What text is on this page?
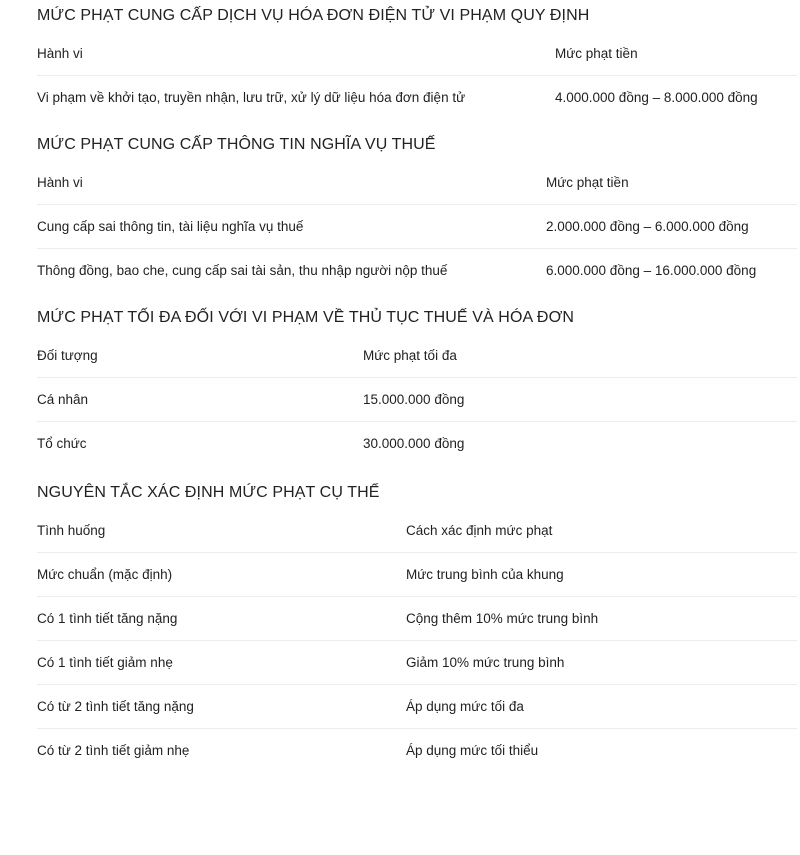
MỨC PHẠT CUNG CẤP DỊCH VỤ HÓA ĐƠN ĐIỆN TỬ VI PHẠM QUY ĐỊNH
Hành vi	Mức phạt tiền
Vi phạm về khởi tạo, truyền nhận, lưu trữ, xử lý dữ liệu hóa đơn điện tử	4.000.000 đồng – 8.000.000 đồng
MỨC PHẠT CUNG CẤP THÔNG TIN NGHĨA VỤ THUẾ
Hành vi	Mức phạt tiền
Cung cấp sai thông tin, tài liệu nghĩa vụ thuế	2.000.000 đồng – 6.000.000 đồng
Thông đồng, bao che, cung cấp sai tài sản, thu nhập người nộp thuế	6.000.000 đồng – 16.000.000 đồng
MỨC PHẠT TỐI ĐA ĐỐI VỚI VI PHẠM VỀ THỦ TỤC THUẾ VÀ HÓA ĐƠN
Đối tượng	Mức phạt tối đa
Cá nhân	15.000.000 đồng
Tổ chức	30.000.000 đồng
NGUYÊN TẮC XÁC ĐỊNH MỨC PHẠT CỤ THỂ
Tình huống	Cách xác định mức phạt
Mức chuẩn (mặc định)	Mức trung bình của khung
Có 1 tình tiết tăng nặng	Cộng thêm 10% mức trung bình
Có 1 tình tiết giảm nhẹ	Giảm 10% mức trung bình
Có từ 2 tình tiết tăng nặng	Áp dụng mức tối đa
Có từ 2 tình tiết giảm nhẹ	Áp dụng mức tối thiểu
